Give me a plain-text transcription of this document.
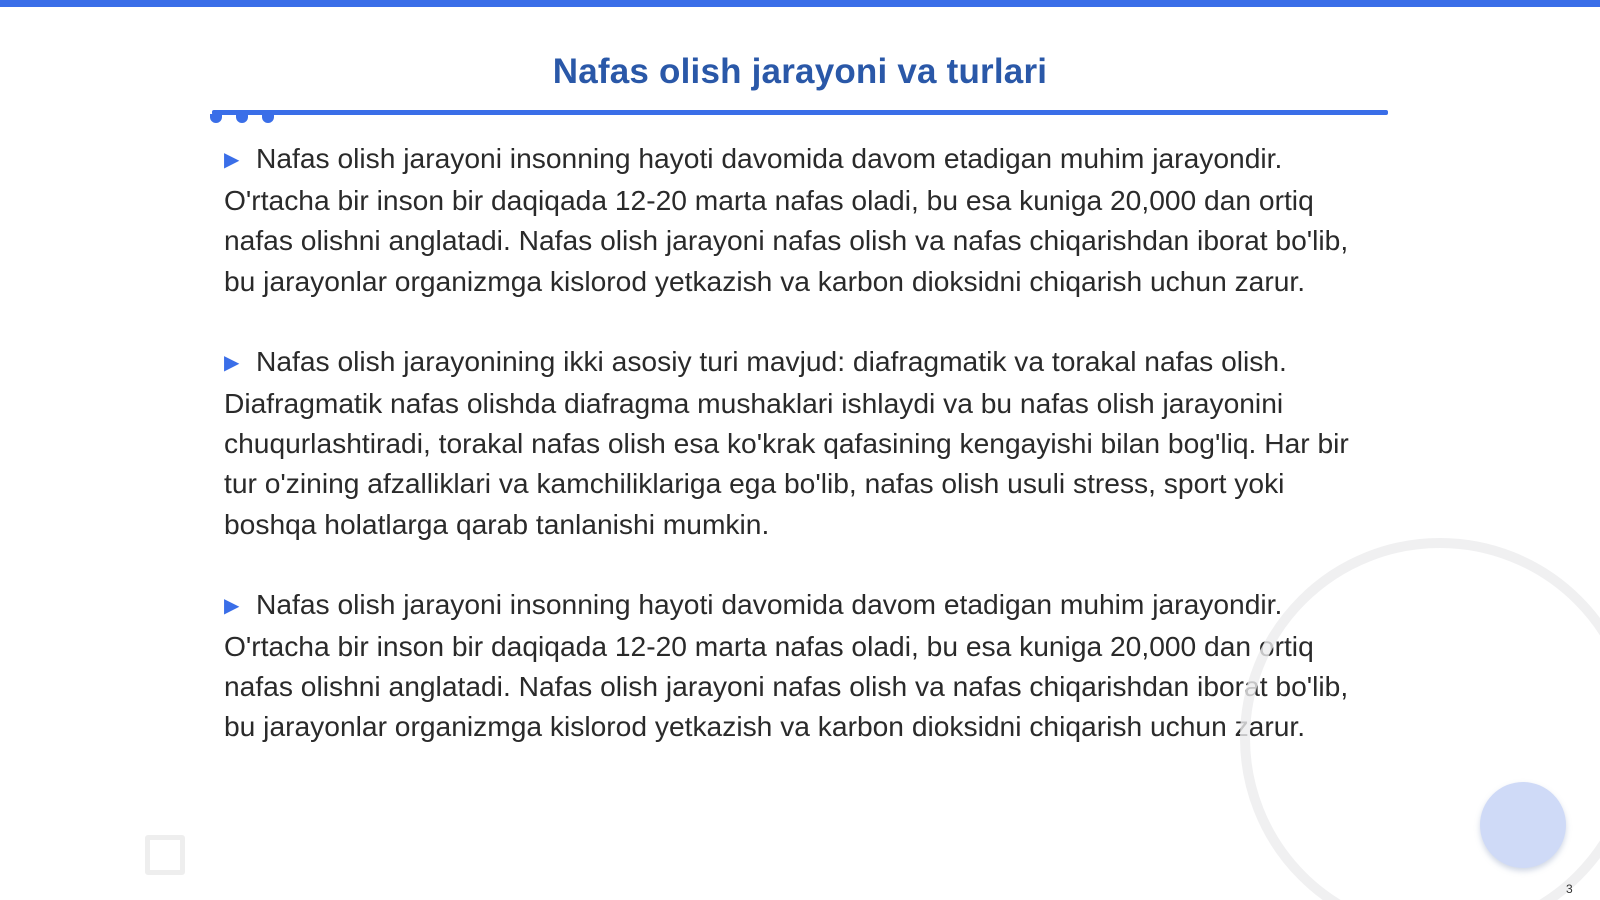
Nafas olish jarayoni va turlari

▶ Nafas olish jarayoni insonning hayoti davomida davom etadigan muhim jarayondir. O'rtacha bir inson bir daqiqada 12-20 marta nafas oladi, bu esa kuniga 20,000 dan ortiq nafas olishni anglatadi. Nafas olish jarayoni nafas olish va nafas chiqarishdan iborat bo'lib, bu jarayonlar organizmga kislorod yetkazish va karbon dioksidni chiqarish uchun zarur.

▶ Nafas olish jarayonining ikki asosiy turi mavjud: diafragmatik va torakal nafas olish. Diafragmatik nafas olishda diafragma mushaklari ishlaydi va bu nafas olish jarayonini chuqurlashtiradi, torakal nafas olish esa ko'krak qafasining kengayishi bilan bog'liq. Har bir tur o'zining afzalliklari va kamchiliklariga ega bo'lib, nafas olish usuli stress, sport yoki boshqa holatlarga qarab tanlanishi mumkin.

▶ Nafas olish jarayoni insonning hayoti davomida davom etadigan muhim jarayondir. O'rtacha bir inson bir daqiqada 12-20 marta nafas oladi, bu esa kuniga 20,000 dan ortiq nafas olishni anglatadi. Nafas olish jarayoni nafas olish va nafas chiqarishdan iborat bo'lib, bu jarayonlar organizmga kislorod yetkazish va karbon dioksidni chiqarish uchun zarur.

3
